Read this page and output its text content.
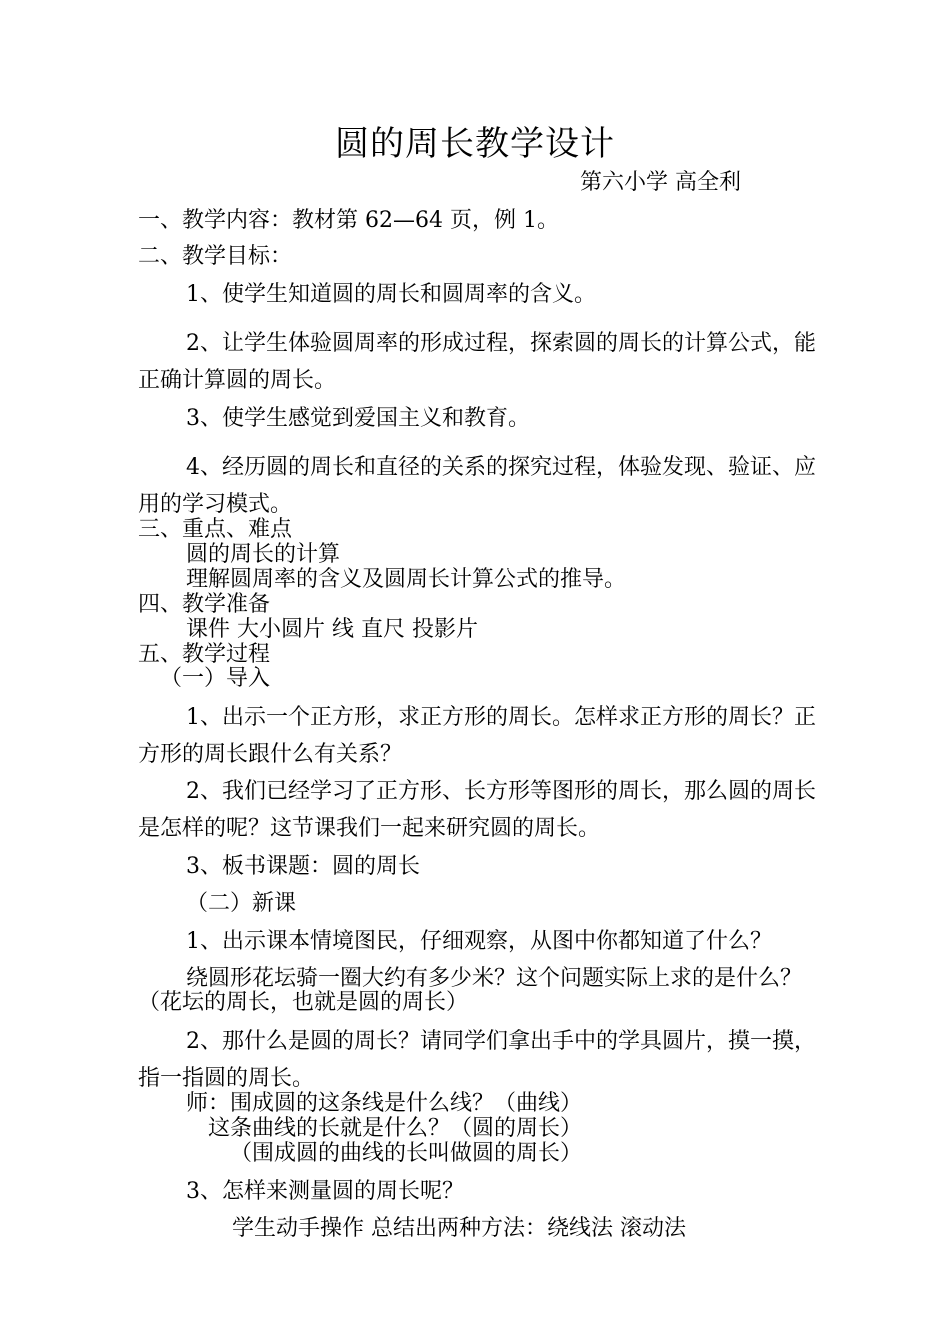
圆的周长教学设计
第六小学 高全利
一、教学内容：教材第 62—64 页，例 1。
二、教学目标：
1、使学生知道圆的周长和圆周率的含义。
2、让学生体验圆周率的形成过程，探索圆的周长的计算公式，能
正确计算圆的周长。
3、使学生感觉到爱国主义和教育。
4、经历圆的周长和直径的关系的探究过程，体验发现、验证、应
用的学习模式。
三、重点、难点
圆的周长的计算
理解圆周率的含义及圆周长计算公式的推导。
四、教学准备
课件 大小圆片 线 直尺 投影片
五、教学过程
（一）导入
1、出示一个正方形，求正方形的周长。怎样求正方形的周长？正
方形的周长跟什么有关系？
2、我们已经学习了正方形、长方形等图形的周长，那么圆的周长
是怎样的呢？这节课我们一起来研究圆的周长。
3、板书课题：圆的周长
（二）新课
1、出示课本情境图民，仔细观察，从图中你都知道了什么？
绕圆形花坛骑一圈大约有多少米？这个问题实际上求的是什么？
（花坛的周长，也就是圆的周长）
2、那什么是圆的周长？请同学们拿出手中的学具圆片，摸一摸，
指一指圆的周长。
师：围成圆的这条线是什么线？（曲线）
这条曲线的长就是什么？（圆的周长）
（围成圆的曲线的长叫做圆的周长）
3、怎样来测量圆的周长呢？
学生动手操作 总结出两种方法：绕线法 滚动法
